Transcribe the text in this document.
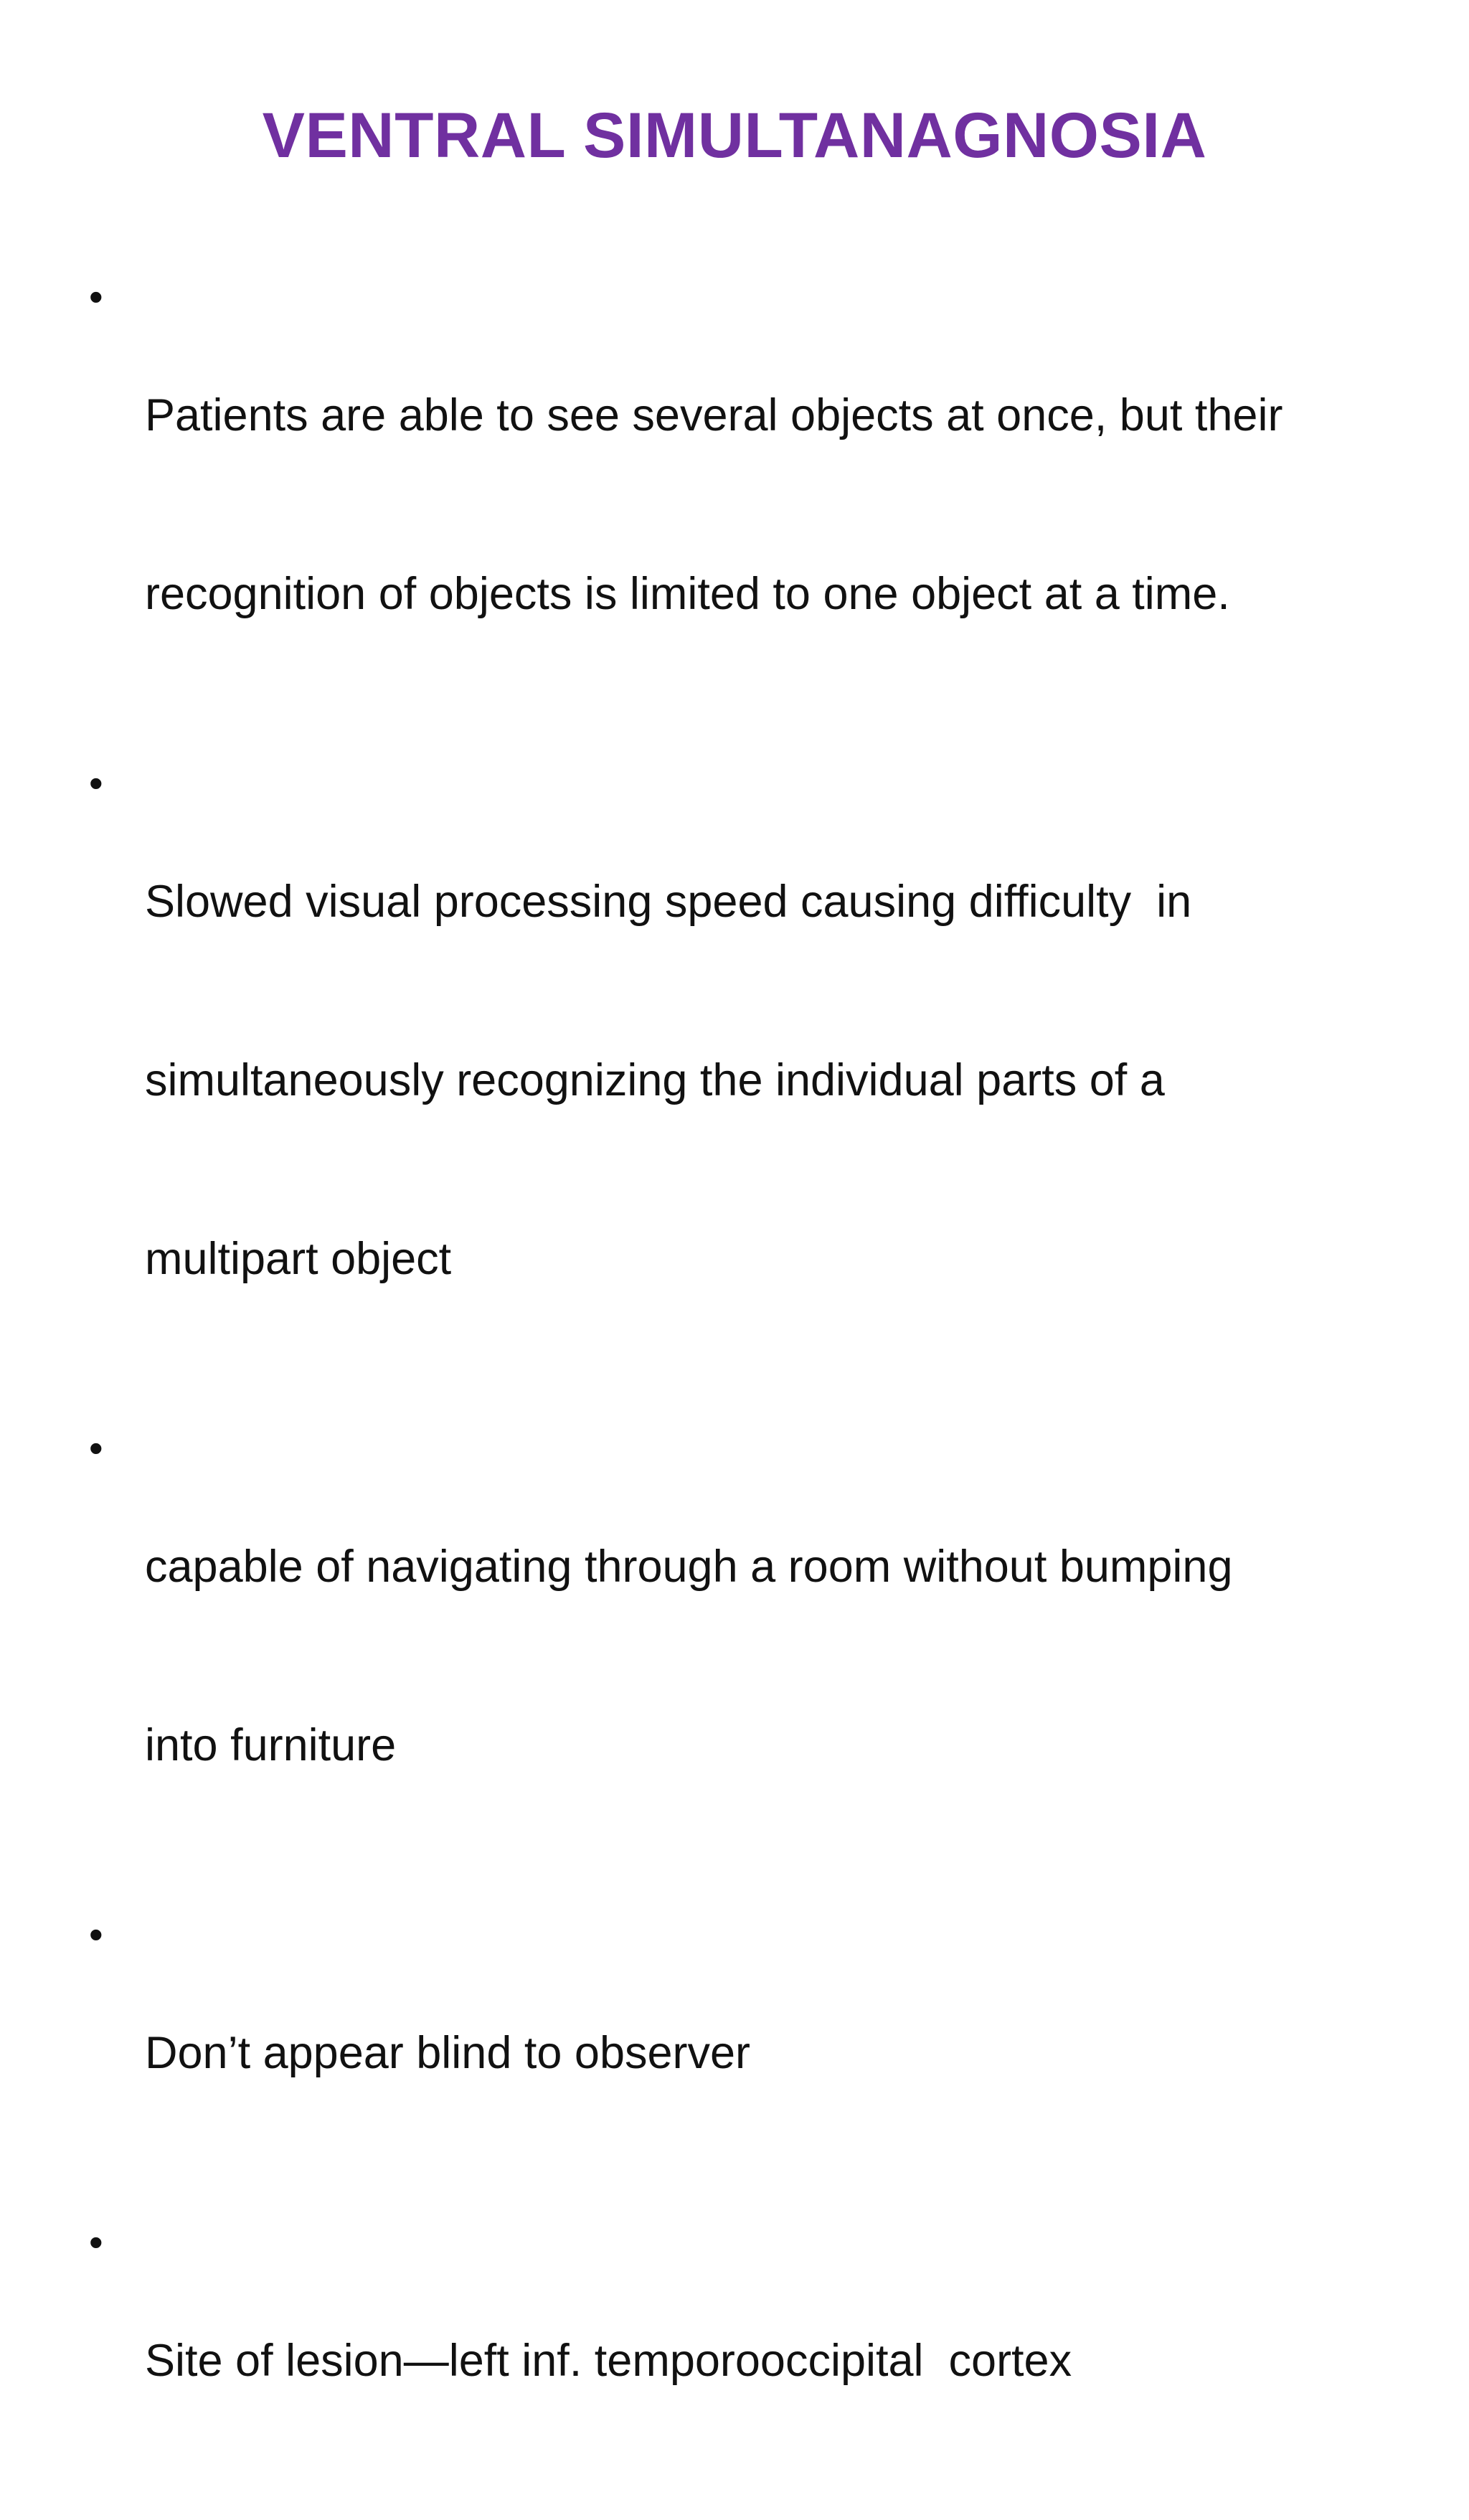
VENTRAL SIMULTANAGNOSIA
•

Patients are able to see several objects at once, but their

recognition of objects is limited to one object at a time.

•

Slowed visual processing speed causing difficulty  in

simultaneously recognizing the individual parts of a

multipart object

•

capable of navigating through a room without bumping

into furniture

•

Don’t appear blind to observer

•

Site of lesion—left inf. temporooccipital  cortex
